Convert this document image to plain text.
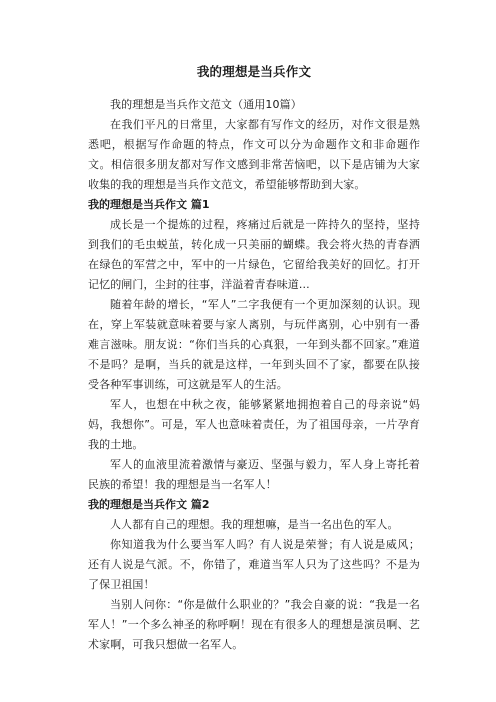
我的理想是当兵作文

我的理想是当兵作文范文（通用10篇）

在我们平凡的日常里，大家都有写作文的经历，对作文很是熟悉吧，根据写作命题的特点，作文可以分为命题作文和非命题作文。相信很多朋友都对写作文感到非常苦恼吧，以下是店铺为大家收集的我的理想是当兵作文范文，希望能够帮助到大家。

我的理想是当兵作文 篇1

成长是一个提炼的过程，疼痛过后就是一阵持久的坚持，坚持到我们的毛虫蜕茧，转化成一只美丽的蝴蝶。我会将火热的青春洒在绿色的军营之中，军中的一片绿色，它留给我美好的回忆。打开记忆的闸门，尘封的往事，洋溢着青春味道...

随着年龄的增长，“军人”二字我便有一个更加深刻的认识。现在，穿上军装就意味着要与家人离别，与玩伴离别，心中别有一番难言滋味。朋友说：“你们当兵的心真狠，一年到头都不回家。”难道不是吗？是啊，当兵的就是这样，一年到头回不了家，都要在队接受各种军事训练，可这就是军人的生活。

军人，也想在中秋之夜，能够紧紧地拥抱着自己的母亲说“妈妈，我想你”。可是，军人也意味着责任，为了祖国母亲，一片孕育我的土地。

军人的血液里流着激情与豪迈、坚强与毅力，军人身上寄托着民族的希望！我的理想是当一名军人！

我的理想是当兵作文 篇2

人人都有自己的理想。我的理想嘛，是当一名出色的军人。

你知道我为什么要当军人吗？有人说是荣誉；有人说是威风；还有人说是气派。不，你错了，难道当军人只为了这些吗？不是为了保卫祖国！

当别人问你：“你是做什么职业的？”我会自豪的说：“我是一名军人！”一个多么神圣的称呼啊！现在有很多人的理想是演员啊、艺术家啊，可我只想做一名军人。
